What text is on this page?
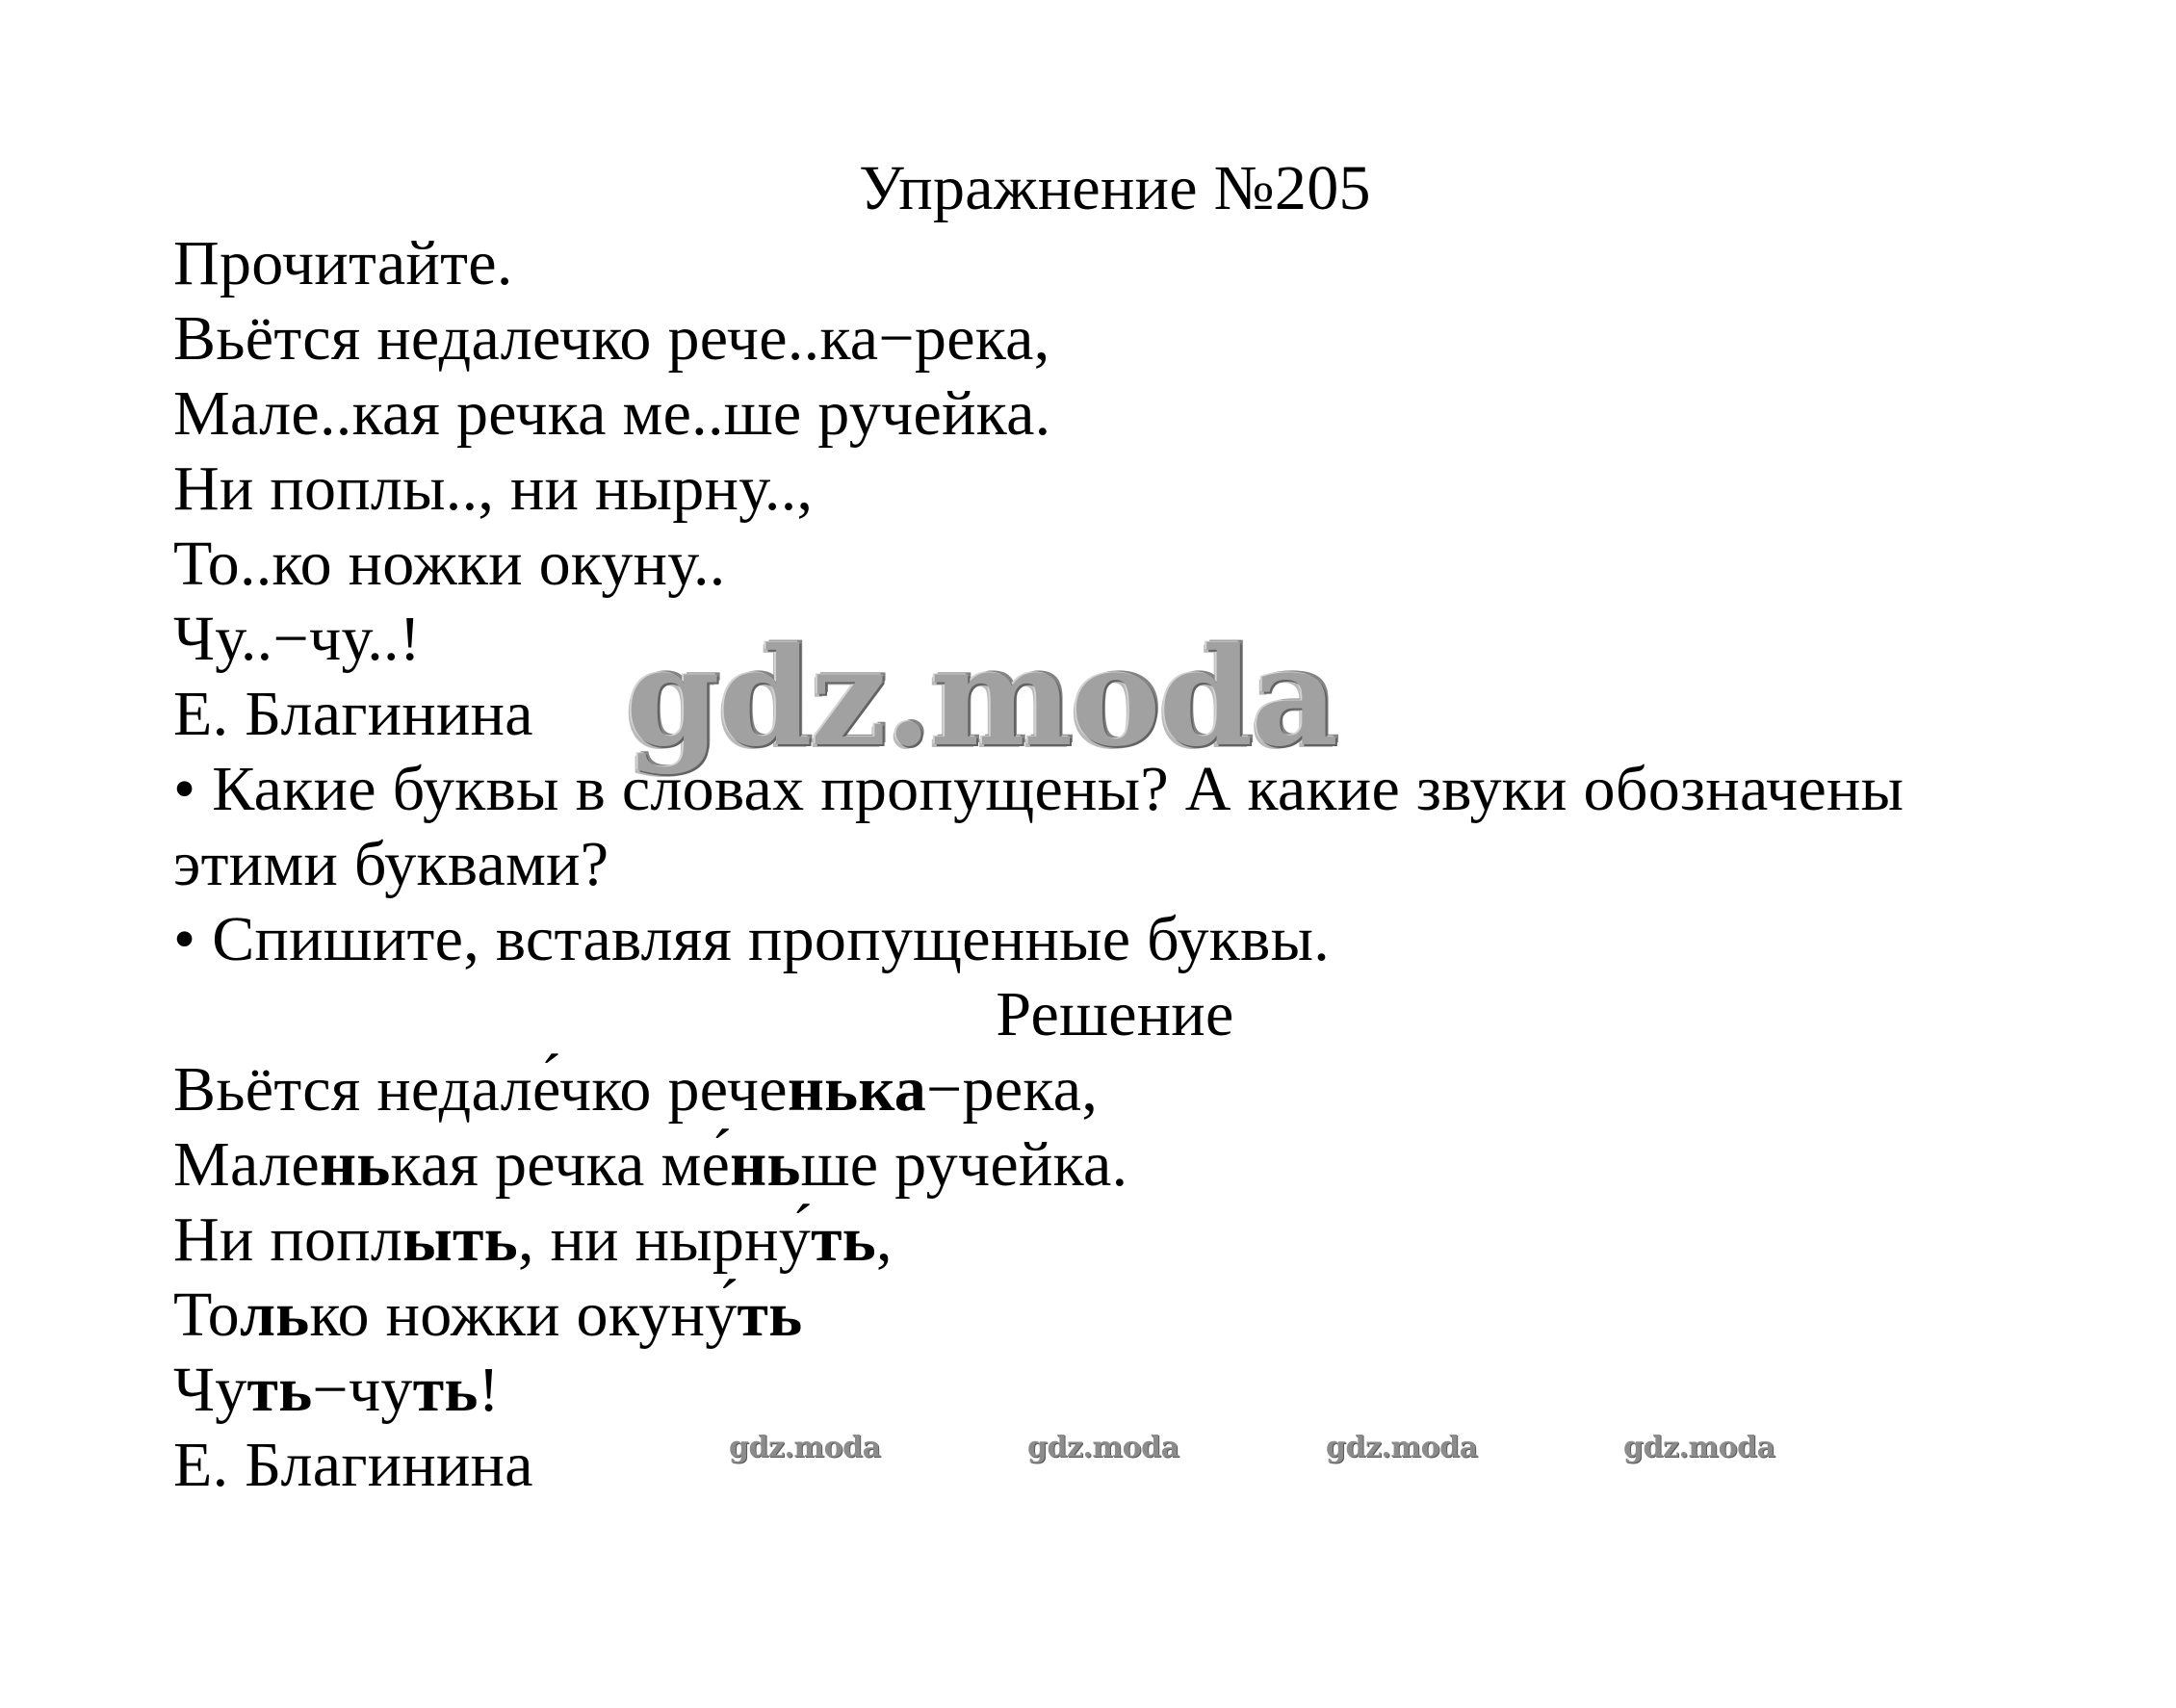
Упражнение №205
Прочитайте.
Вьётся недалечко рече..ка−река,
Мале..кая речка ме..ше ручейка.
Ни поплы.., ни нырну..,
То..ко ножки окуну..
Чу..−чу..!
Е. Благинина
• Какие буквы в словах пропущены? А какие звуки обозначены
этими буквами?
• Спишите, вставляя пропущенные буквы.
Решение
Вьётся недале́чко реченька−река,
Маленькая речка ме́ньше ручейка.
Ни поплыть, ни нырну́ть,
Только ножки окуну́ть
Чуть−чуть!
Е. Благинина
gdz.moda
gdz.moda	gdz.moda	gdz.moda	gdz.moda
